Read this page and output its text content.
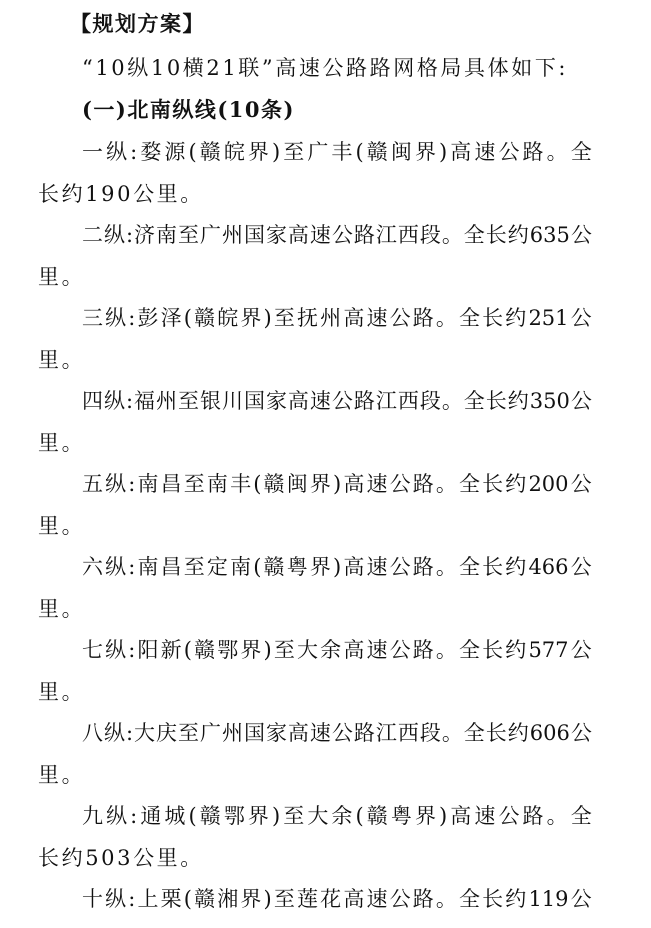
【规划方案】
“10纵10横21联”高速公路路网格局具体如下:
(一)北南纵线(10条)
一 纵 : 婺 源 ( 赣 皖 界 ) 至 广 丰 ( 赣 闽 界 ) 高 速 公 路 。 全
长约190公里。
二 纵 : 济 南 至 广 州 国 家 高 速 公 路 江 西 段 。 全 长 约 635 公
里。
三 纵 : 彭 泽 ( 赣 皖 界 ) 至 抚 州 高 速 公 路 。 全 长 约 251 公
里。
四 纵 : 福 州 至 银 川 国 家 高 速 公 路 江 西 段 。 全 长 约 350 公
里。
五 纵 : 南 昌 至 南 丰 ( 赣 闽 界 ) 高 速 公 路 。 全 长 约 200 公
里。
六 纵 : 南 昌 至 定 南 ( 赣 粤 界 ) 高 速 公 路 。 全 长 约 466 公
里。
七 纵 : 阳 新 ( 赣 鄂 界 ) 至 大 余 高 速 公 路 。 全 长 约 577 公
里。
八 纵 : 大 庆 至 广 州 国 家 高 速 公 路 江 西 段 。 全 长 约 606 公
里。
九 纵 : 通 城 ( 赣 鄂 界 ) 至 大 余 ( 赣 粤 界 ) 高 速 公 路 。 全
长约503公里。
十 纵 : 上 栗 ( 赣 湘 界 ) 至 莲 花 高 速 公 路 。 全 长 约 119 公
